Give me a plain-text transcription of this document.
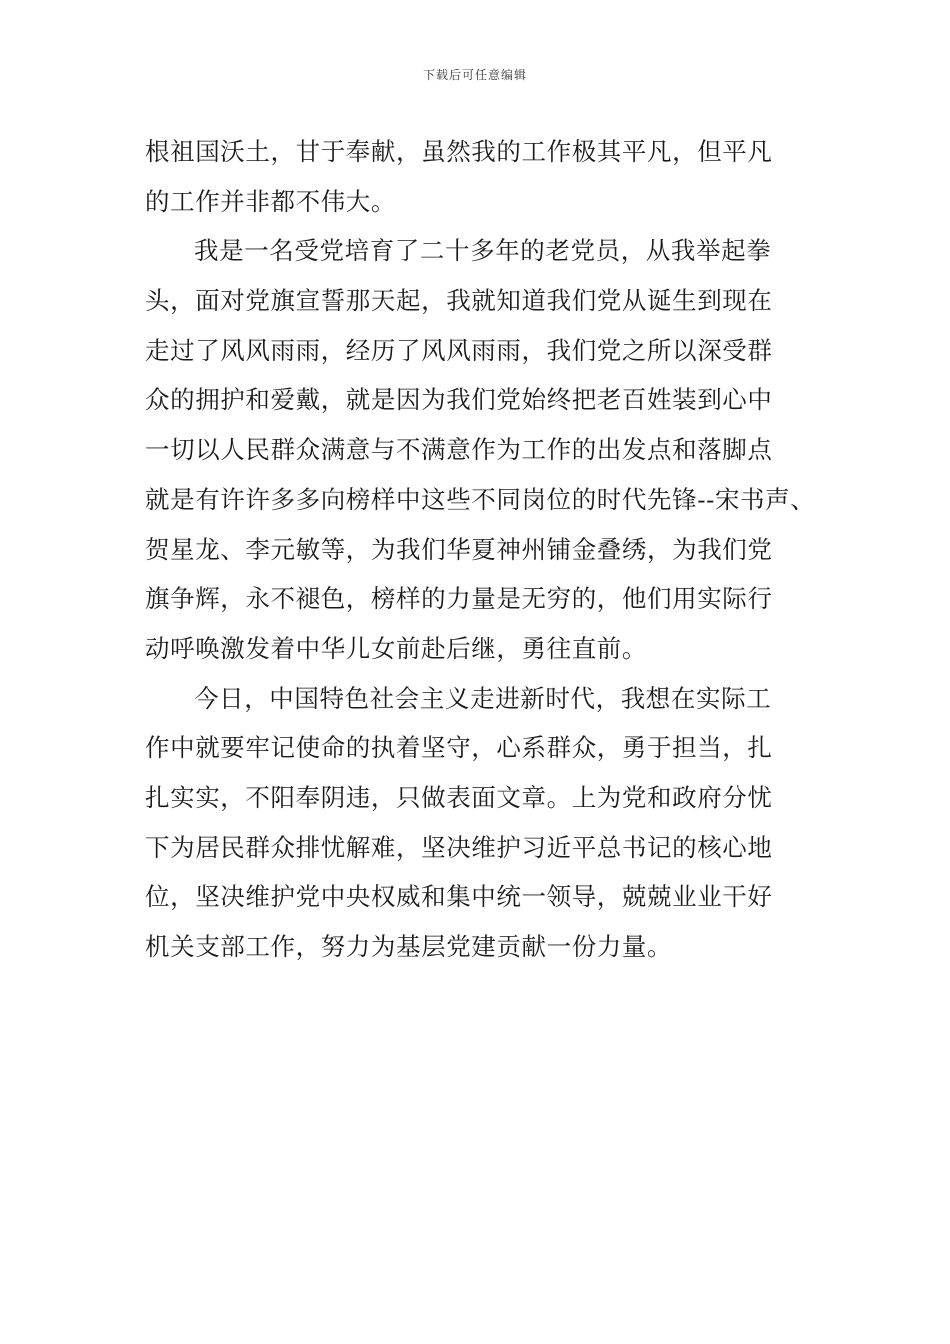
下载后可任意编辑
根祖国沃土，甘于奉献，虽然我的工作极其平凡，但平凡
的工作并非都不伟大。
我是一名受党培育了二十多年的老党员，从我举起拳
头，面对党旗宣誓那天起，我就知道我们党从诞生到现在
走过了风风雨雨，经历了风风雨雨，我们党之所以深受群
众的拥护和爱戴，就是因为我们党始终把老百姓装到心中
一切以人民群众满意与不满意作为工作的出发点和落脚点
就是有许许多多向榜样中这些不同岗位的时代先锋--宋书声、
贺星龙、李元敏等，为我们华夏神州铺金叠绣，为我们党
旗争辉，永不褪色，榜样的力量是无穷的，他们用实际行
动呼唤激发着中华儿女前赴后继，勇往直前。
今日，中国特色社会主义走进新时代，我想在实际工
作中就要牢记使命的执着坚守，心系群众，勇于担当，扎
扎实实，不阳奉阴违，只做表面文章。上为党和政府分忧
下为居民群众排忧解难，坚决维护习近平总书记的核心地
位，坚决维护党中央权威和集中统一领导，兢兢业业干好
机关支部工作，努力为基层党建贡献一份力量。
